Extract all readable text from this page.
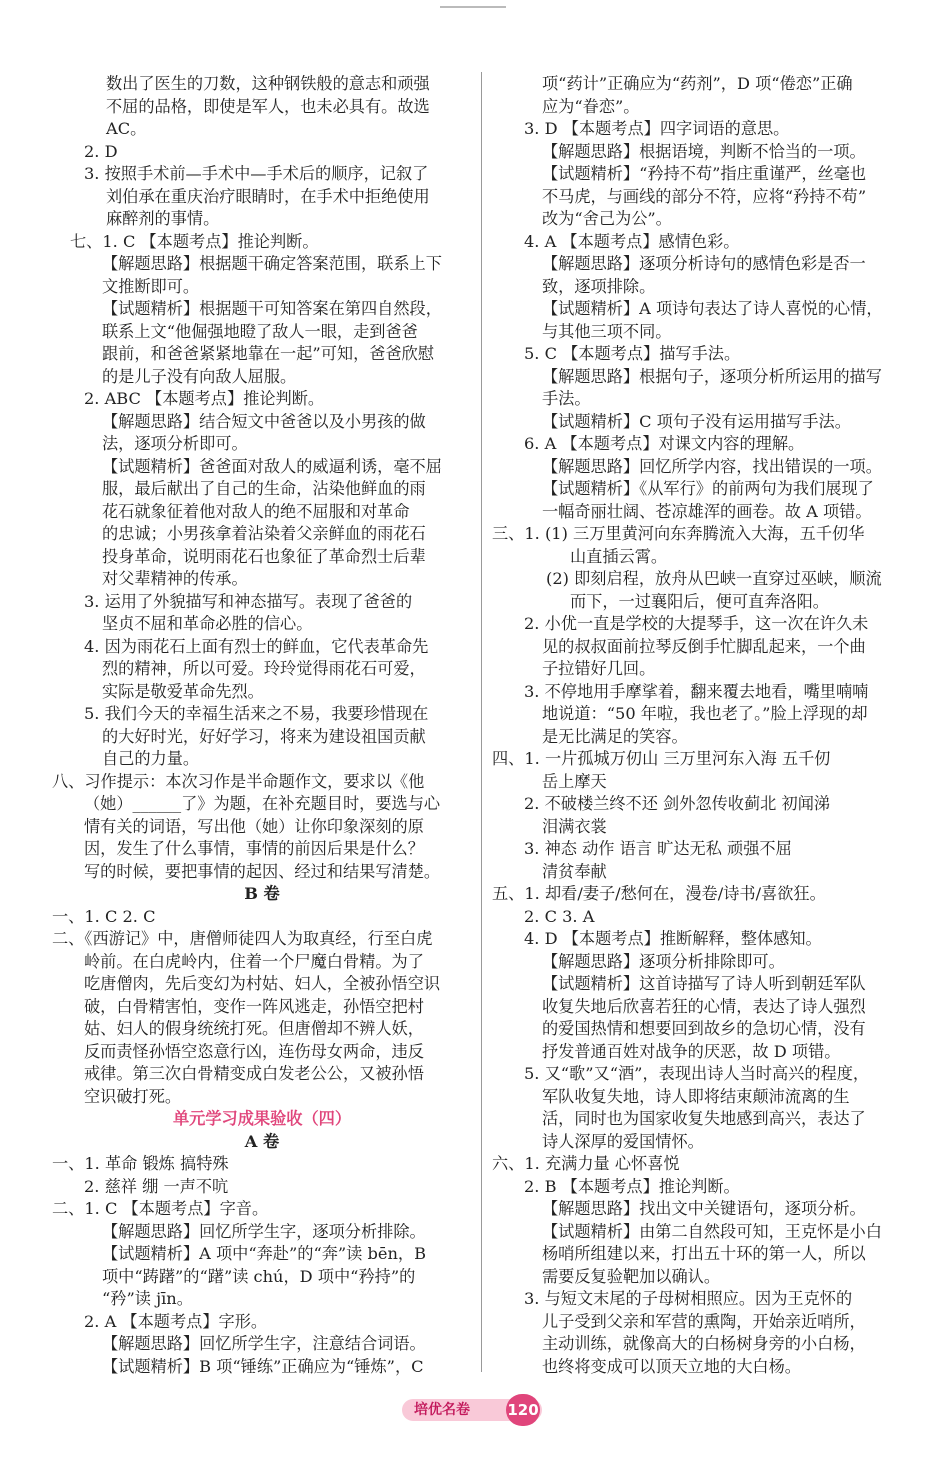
数出了医生的刀数，这种钢铁般的意志和顽强
不屈的品格，即使是军人，也未必具有。故选
AC。
2. D
3. 按照手术前—手术中—手术后的顺序，记叙了
刘伯承在重庆治疗眼睛时，在手术中拒绝使用
麻醉剂的事情。
七、1. C 【本题考点】推论判断。
【解题思路】根据题干确定答案范围，联系上下
文推断即可。
【试题精析】根据题干可知答案在第四自然段，
联系上文“他倔强地瞪了敌人一眼，走到爸爸
跟前，和爸爸紧紧地靠在一起”可知，爸爸欣慰
的是儿子没有向敌人屈服。
2. ABC 【本题考点】推论判断。
【解题思路】结合短文中爸爸以及小男孩的做
法，逐项分析即可。
【试题精析】爸爸面对敌人的威逼利诱，毫不屈
服，最后献出了自己的生命，沾染他鲜血的雨
花石就象征着他对敌人的绝不屈服和对革命
的忠诚；小男孩拿着沾染着父亲鲜血的雨花石
投身革命，说明雨花石也象征了革命烈士后辈
对父辈精神的传承。
3. 运用了外貌描写和神态描写。表现了爸爸的
坚贞不屈和革命必胜的信心。
4. 因为雨花石上面有烈士的鲜血，它代表革命先
烈的精神，所以可爱。玲玲觉得雨花石可爱，
实际是敬爱革命先烈。
5. 我们今天的幸福生活来之不易，我要珍惜现在
的大好时光，好好学习，将来为建设祖国贡献
自己的力量。
八、习作提示：本次习作是半命题作文，要求以《他
（她）______了》为题，在补充题目时，要选与心
情有关的词语，写出他（她）让你印象深刻的原
因，发生了什么事情，事情的前因后果是什么？
写的时候，要把事情的起因、经过和结果写清楚。
B 卷
一、1. C 2. C
二、《西游记》中，唐僧师徒四人为取真经，行至白虎
岭前。在白虎岭内，住着一个尸魔白骨精。为了
吃唐僧肉，先后变幻为村姑、妇人，全被孙悟空识
破，白骨精害怕，变作一阵风逃走，孙悟空把村
姑、妇人的假身统统打死。但唐僧却不辨人妖，
反而责怪孙悟空恣意行凶，连伤母女两命，违反
戒律。第三次白骨精变成白发老公公，又被孙悟
空识破打死。
单元学习成果验收（四）
A 卷
一、1. 革命 锻炼 搞特殊
2. 慈祥 绷 一声不吭
二、1. C 【本题考点】字音。
【解题思路】回忆所学生字，逐项分析排除。
【试题精析】A 项中“奔赴”的“奔”读 bēn，B
项中“踌躇”的“躇”读 chú，D 项中“矜持”的
“矜”读 jīn。
2. A 【本题考点】字形。
【解题思路】回忆所学生字，注意结合词语。
【试题精析】B 项“锤练”正确应为“锤炼”，C
项“药计”正确应为“药剂”，D 项“倦恋”正确
应为“眷恋”。
3. D 【本题考点】四字词语的意思。
【解题思路】根据语境，判断不恰当的一项。
【试题精析】“矜持不苟”指庄重谨严，丝毫也
不马虎，与画线的部分不符，应将“矜持不苟”
改为“舍己为公”。
4. A 【本题考点】感情色彩。
【解题思路】逐项分析诗句的感情色彩是否一
致，逐项排除。
【试题精析】A 项诗句表达了诗人喜悦的心情，
与其他三项不同。
5. C 【本题考点】描写手法。
【解题思路】根据句子，逐项分析所运用的描写
手法。
【试题精析】C 项句子没有运用描写手法。
6. A 【本题考点】对课文内容的理解。
【解题思路】回忆所学内容，找出错误的一项。
【试题精析】《从军行》的前两句为我们展现了
一幅奇丽壮阔、苍凉雄浑的画卷。故 A 项错。
三、1. (1) 三万里黄河向东奔腾流入大海，五千仞华
山直插云霄。
(2) 即刻启程，放舟从巴峡一直穿过巫峡，顺流
而下，一过襄阳后，便可直奔洛阳。
2. 小优一直是学校的大提琴手，这一次在许久未
见的叔叔面前拉琴反倒手忙脚乱起来，一个曲
子拉错好几回。
3. 不停地用手摩挲着，翻来覆去地看，嘴里喃喃
地说道：“50 年啦，我也老了。”脸上浮现的却
是无比满足的笑容。
四、1. 一片孤城万仞山 三万里河东入海 五千仞
岳上摩天
2. 不破楼兰终不还 剑外忽传收蓟北 初闻涕
泪满衣裳
3. 神态 动作 语言 旷达无私 顽强不屈
清贫奉献
五、1. 却看/妻子/愁何在，漫卷/诗书/喜欲狂。
2. C 3. A
4. D 【本题考点】推断解释，整体感知。
【解题思路】逐项分析排除即可。
【试题精析】这首诗描写了诗人听到朝廷军队
收复失地后欣喜若狂的心情，表达了诗人强烈
的爱国热情和想要回到故乡的急切心情，没有
抒发普通百姓对战争的厌恶，故 D 项错。
5. 又“歌”又“酒”，表现出诗人当时高兴的程度，
军队收复失地，诗人即将结束颠沛流离的生
活，同时也为国家收复失地感到高兴，表达了
诗人深厚的爱国情怀。
六、1. 充满力量 心怀喜悦
2. B 【本题考点】推论判断。
【解题思路】找出文中关键语句，逐项分析。
【试题精析】由第二自然段可知，王克怀是小白
杨哨所组建以来，打出五十环的第一人，所以
需要反复验靶加以确认。
3. 与短文末尾的子母树相照应。因为王克怀的
儿子受到父亲和军营的熏陶，开始亲近哨所，
主动训练，就像高大的白杨树身旁的小白杨，
也终将变成可以顶天立地的大白杨。
培优名卷 120
